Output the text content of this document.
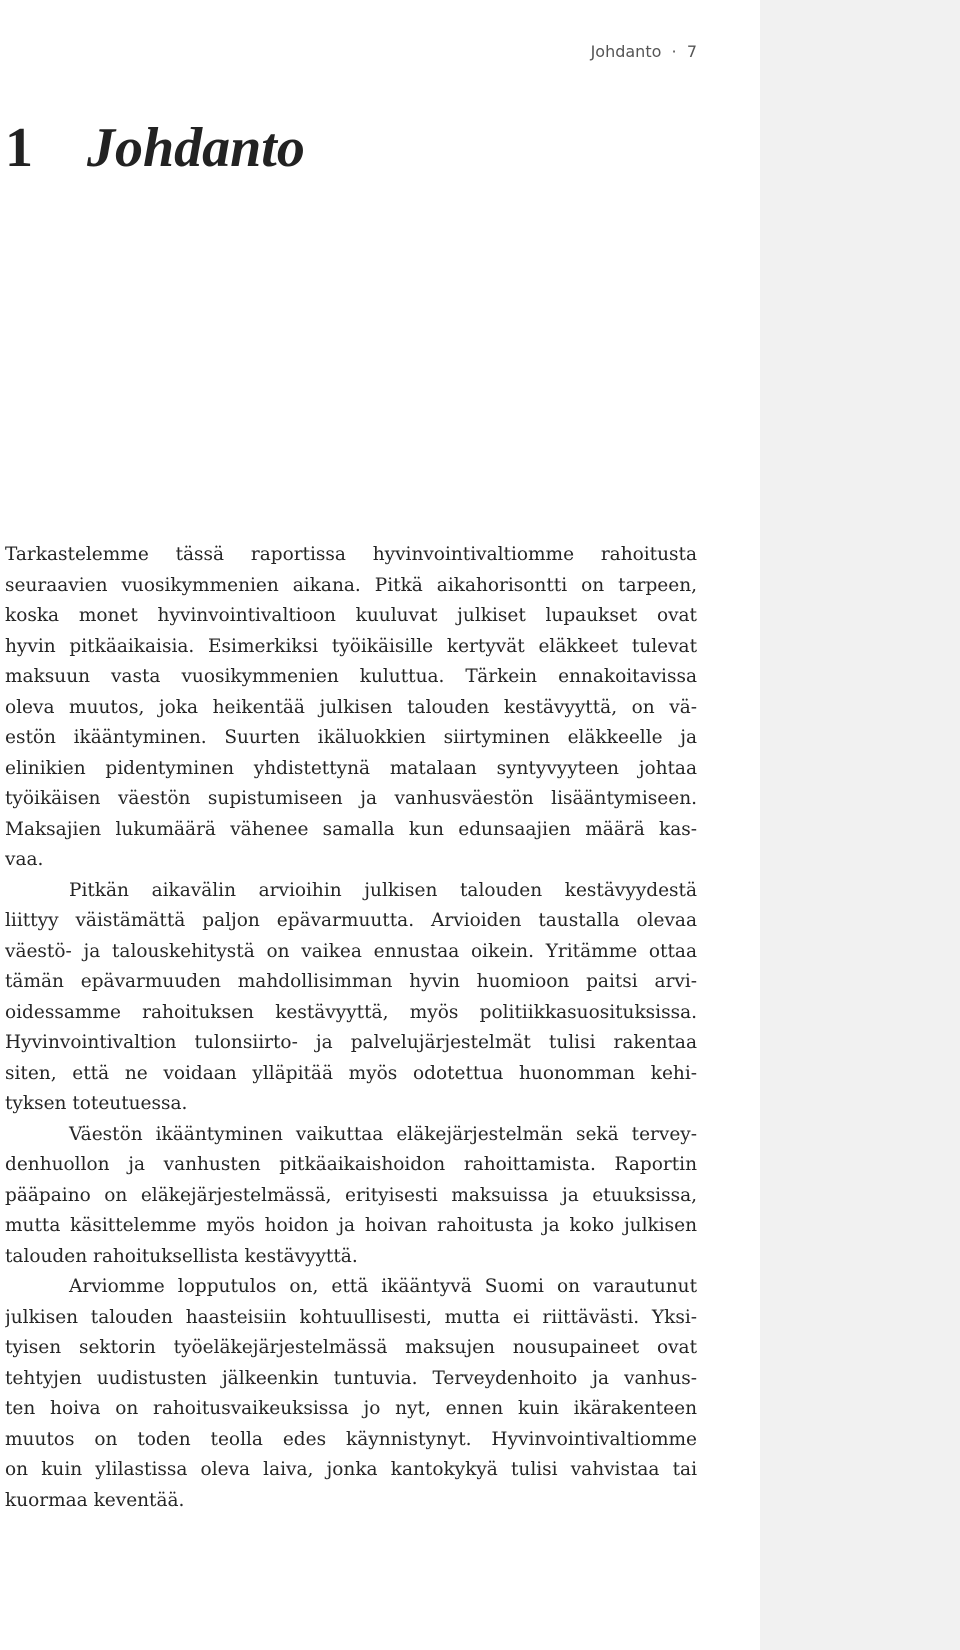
Johdanto · 7
1 Johdanto

Tarkastelemme tässä raportissa hyvinvointivaltiomme rahoitusta
seuraavien vuosikymmenien aikana. Pitkä aikahorisontti on tarpeen,
koska monet hyvinvointivaltioon kuuluvat julkiset lupaukset ovat
hyvin pitkäaikaisia. Esimerkiksi työikäisille kertyvät eläkkeet tulevat
maksuun vasta vuosikymmenien kuluttua. Tärkein ennakoitavissa
oleva muutos, joka heikentää julkisen talouden kestävyyttä, on vä-
estön ikääntyminen. Suurten ikäluokkien siirtyminen eläkkeelle ja
elinikien pidentyminen yhdistettynä matalaan syntyvyyteen johtaa
työikäisen väestön supistumiseen ja vanhusväestön lisääntymiseen.
Maksajien lukumäärä vähenee samalla kun edunsaajien määrä kas-
vaa.

Pitkän aikavälin arvioihin julkisen talouden kestävyydestä
liittyy väistämättä paljon epävarmuutta. Arvioiden taustalla olevaa
väestö- ja talouskehitystä on vaikea ennustaa oikein. Yritämme ottaa
tämän epävarmuuden mahdollisimman hyvin huomioon paitsi arvi-
oidessamme rahoituksen kestävyyttä, myös politiikkasuosituksissa.
Hyvinvointivaltion tulonsiirto- ja palvelujärjestelmät tulisi rakentaa
siten, että ne voidaan ylläpitää myös odotettua huonomman kehi-
tyksen toteutuessa.

Väestön ikääntyminen vaikuttaa eläkejärjestelmän sekä tervey-
denhuollon ja vanhusten pitkäaikaishoidon rahoittamista. Raportin
pääpaino on eläkejärjestelmässä, erityisesti maksuissa ja etuuksissa,
mutta käsittelemme myös hoidon ja hoivan rahoitusta ja koko julkisen
talouden rahoituksellista kestävyyttä.

Arviomme lopputulos on, että ikääntyvä Suomi on varautunut
julkisen talouden haasteisiin kohtuullisesti, mutta ei riittävästi. Yksi-
tyisen sektorin työeläkejärjestelmässä maksujen nousupaineet ovat
tehtyjen uudistusten jälkeenkin tuntuvia. Terveydenhoito ja vanhus-
ten hoiva on rahoitusvaikeuksissa jo nyt, ennen kuin ikärakenteen
muutos on toden teolla edes käynnistynyt. Hyvinvointivaltiomme
on kuin ylilastissa oleva laiva, jonka kantokykyä tulisi vahvistaa tai
kuormaa keventää.
